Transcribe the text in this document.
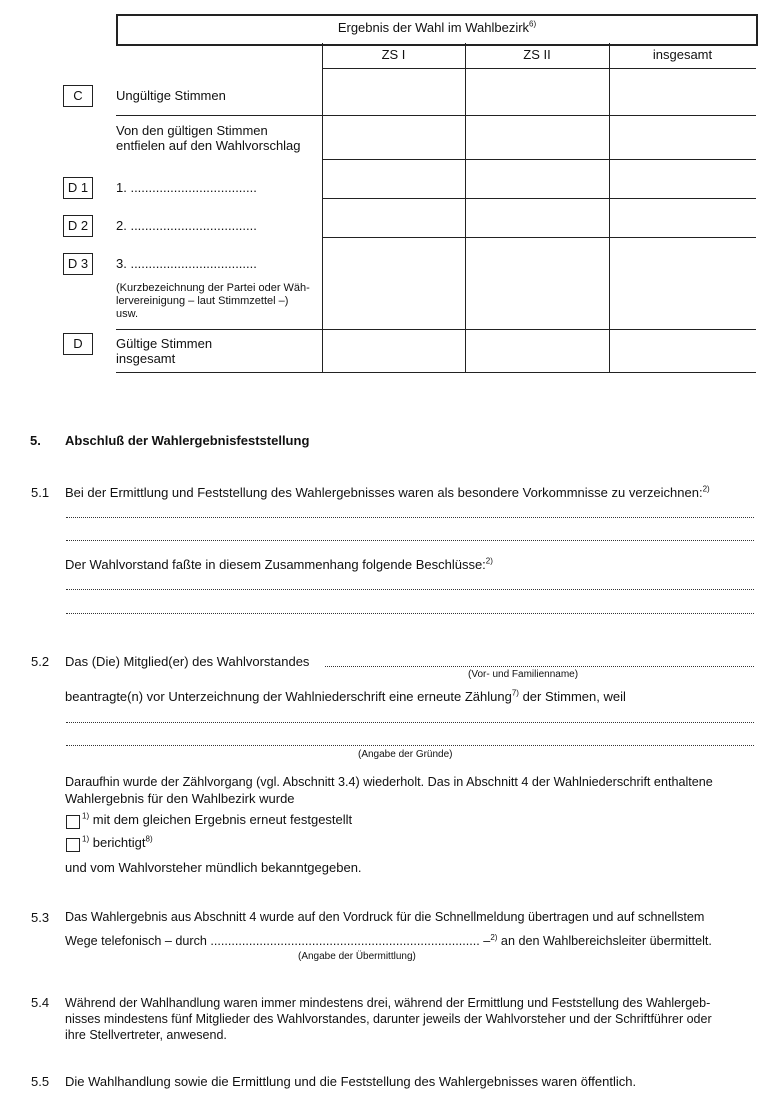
Ergebnis der Wahl im Wahlbezirk$^{6)}$
ZS I	ZS II	insgesamt
C	Ungültige Stimmen
Von den gültigen Stimmen
entfielen auf den Wahlvorschlag
D 1	1. ...................................
D 2	2. ...................................
D 3	3. ...................................
(Kurzbezeichnung der Partei oder Wäh-
lervereinigung – laut Stimmzettel –)
usw.
D	Gültige Stimmen
insgesamt
5. Abschluß der Wahlergebnisfeststellung
5.1 Bei der Ermittlung und Feststellung des Wahlergebnisses waren als besondere Vorkommnisse zu verzeichnen:$^{2)}$
Der Wahlvorstand faßte in diesem Zusammenhang folgende Beschlüsse:$^{2)}$
5.2 Das (Die) Mitglied(er) des Wahlvorstandes
(Vor- und Familienname)
beantragte(n) vor Unterzeichnung der Wahlniederschrift eine erneute Zählung$^{7)}$ der Stimmen, weil
(Angabe der Gründe)
Daraufhin wurde der Zählvorgang (vgl. Abschnitt 3.4) wiederholt. Das in Abschnitt 4 der Wahlniederschrift enthaltene
Wahlergebnis für den Wahlbezirk wurde
$^{1)}$ mit dem gleichen Ergebnis erneut festgestellt
$^{1)}$ berichtigt$^{8)}$
und vom Wahlvorsteher mündlich bekanntgegeben.
5.3 Das Wahlergebnis aus Abschnitt 4 wurde auf den Vordruck für die Schnellmeldung übertragen und auf schnellstem
Wege telefonisch – durch ............................................................................. –$^{2)}$ an den Wahlbereichsleiter übermittelt.
(Angabe der Übermittlung)
5.4 Während der Wahlhandlung waren immer mindestens drei, während der Ermittlung und Feststellung des Wahlergeb-
nisses mindestens fünf Mitglieder des Wahlvorstandes, darunter jeweils der Wahlvorsteher und der Schriftführer oder
ihre Stellvertreter, anwesend.
5.5 Die Wahlhandlung sowie die Ermittlung und die Feststellung des Wahlergebnisses waren öffentlich.
